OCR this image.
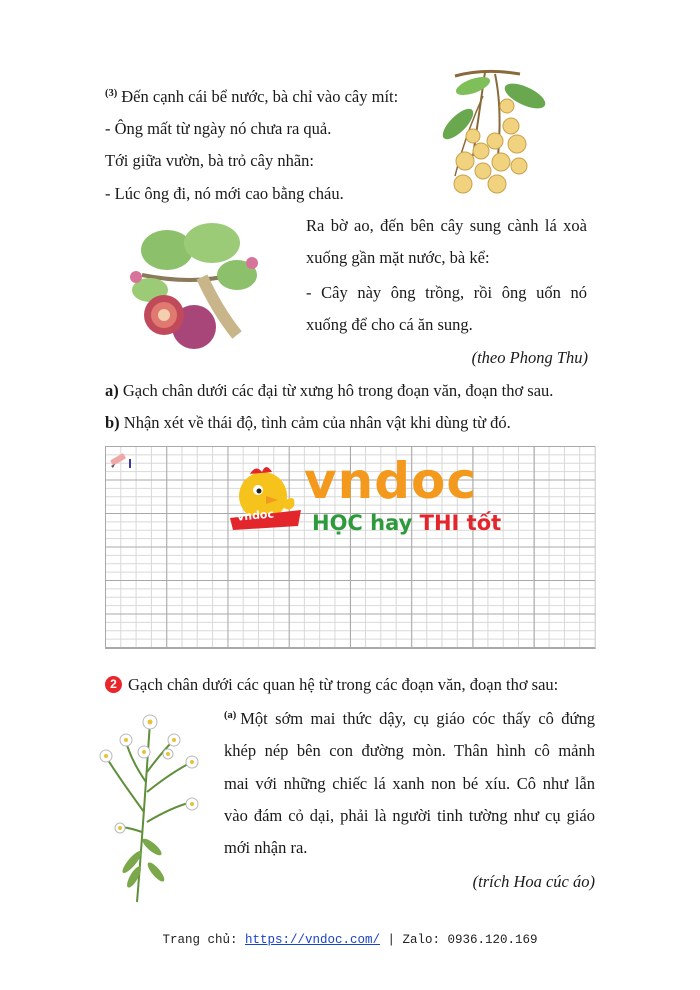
$^{(3)}$ Đến cạnh cái bể nước, bà chỉ vào cây mít:
- Ông mất từ ngày nó chưa ra quả.
Tới giữa vườn, bà trỏ cây nhãn:
- Lúc ông đi, nó mới cao bằng cháu.
Ra bờ ao, đến bên cây sung cành lá xoà
xuống gần mặt nước, bà kể:
- Cây này ông trồng, rồi ông uốn nó
xuống để cho cá ăn sung.
(theo Phong Thu)
a) Gạch chân dưới các đại từ xưng hô trong đoạn văn, đoạn thơ sau.
b) Nhận xét về thái độ, tình cảm của nhân vật khi dùng từ đó.
vndoc
vndoc
HỌC hay THI tốt
2 Gạch chân dưới các quan hệ từ trong các đoạn văn, đoạn thơ sau:
$^{(a)}$ Một sớm mai thức dậy, cụ giáo cóc thấy cô đứng
khép nép bên con đường mòn. Thân hình cô mảnh
mai với những chiếc lá xanh non bé xíu. Cô như lẫn
vào đám cỏ dại, phải là người tinh tường như cụ giáo
mới nhận ra.
(trích Hoa cúc áo)
Trang chủ: https://vndoc.com/ | Zalo: 0936.120.169
